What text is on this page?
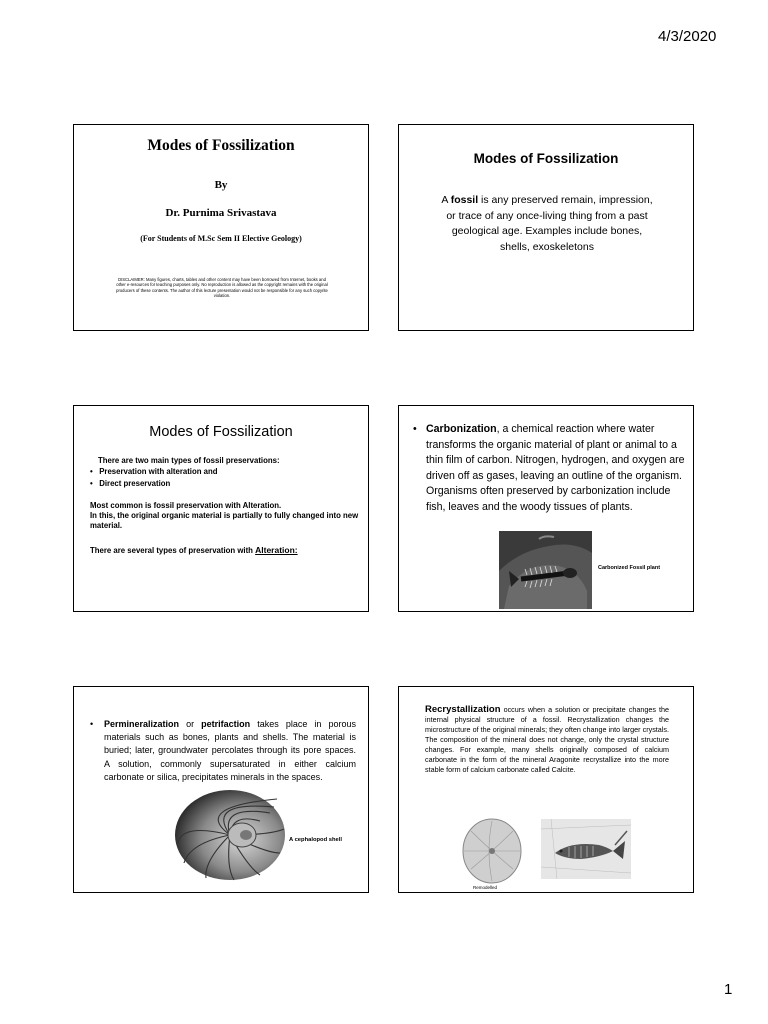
4/3/2020
Modes of Fossilization
By
Dr. Purnima Srivastava
(For Students of M.Sc Sem II Elective Geology)
DISCLAIMER: Many figures, charts, tables and other content may have been borrowed from Internet, books and other e-resources for teaching purposes only. No reproduction is allowed as the copyright remains with the original producers of these contents. The author of this lecture presentation would not be responsible for any such copyrite violation.
Modes of Fossilization
A fossil is any preserved remain, impression, or trace of any once-living thing from a past geological age. Examples include bones, shells, exoskeletons
Modes of Fossilization
There are two main types of fossil preservations:
•   Preservation with alteration and
•   Direct preservation
Most common is fossil preservation with Alteration.
In this, the original organic material is partially to fully changed into new material.
There are several types of preservation with Alteration:
• Carbonization, a chemical reaction where water transforms the organic material of plant or animal to a thin film of carbon. Nitrogen, hydrogen, and oxygen are driven off as gases, leaving an outline of the organism. Organisms often preserved by carbonization include fish, leaves and the woody tissues of plants.
Carbonized Fossil plant
• Permineralization or petrifaction takes place in porous materials such as bones, plants and shells. The material is buried; later, groundwater percolates through its pore spaces. A solution, commonly supersaturated in either calcium carbonate or silica, precipitates minerals in the spaces.
A cephalopod shell
Recrystallization occurs when a solution or precipitate changes the internal physical structure of a fossil. Recrystallization changes the microstructure of the original minerals; they often change into larger crystals. The composition of the mineral does not change, only the crystal structure changes. For example, many shells originally composed of calcium carbonate in the form of the mineral Aragonite recrystallize into the more stable form of calcium carbonate called Calcite.
Remodelled
1
